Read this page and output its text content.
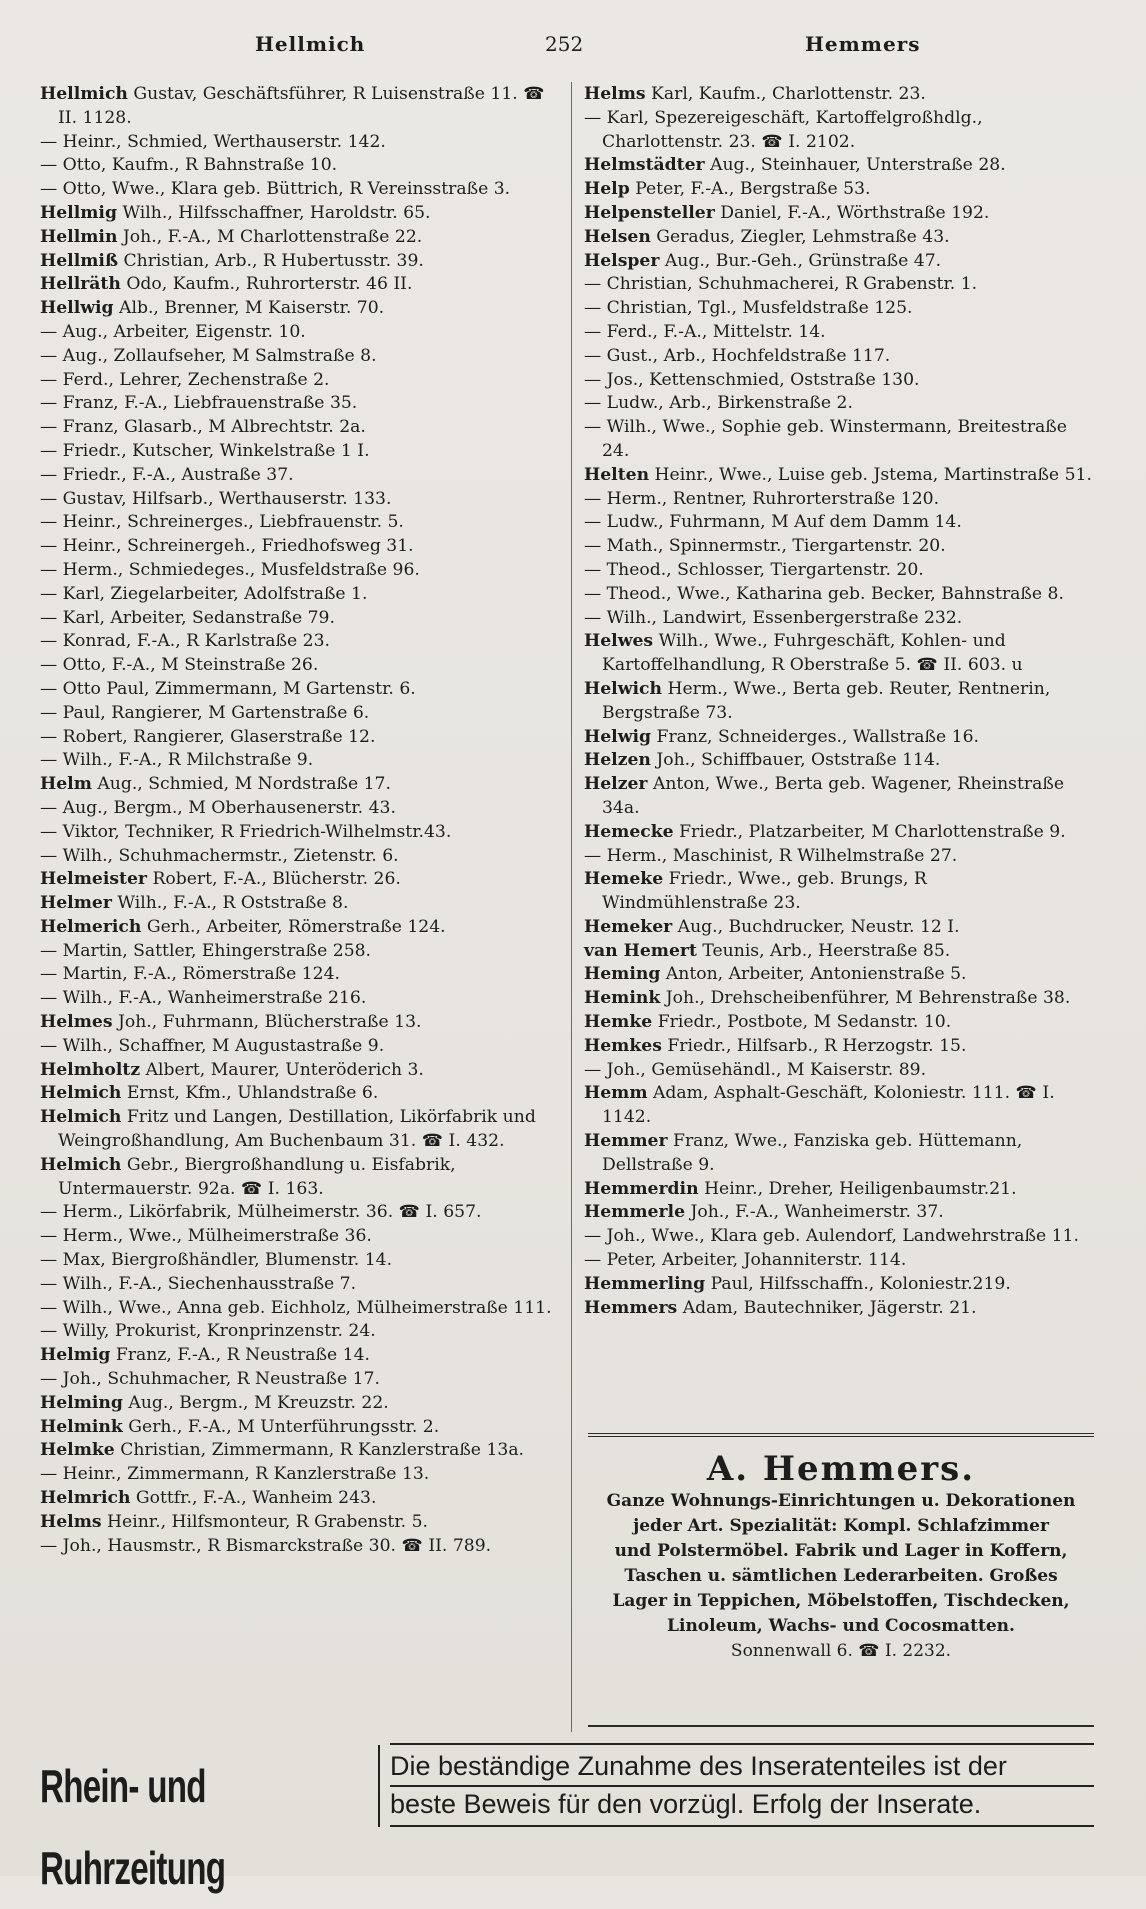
Hellmich	252	Hemmers
Hellmich Gustav, Geschäftsführer, R Luisenstraße 11. ☎ II. 1128.
— Heinr., Schmied, Werthauserstr. 142.
— Otto, Kaufm., R Bahnstraße 10.
— Otto, Wwe., Klara geb. Büttrich, R Vereinsstraße 3.
Hellmig Wilh., Hilfsschaffner, Haroldstr. 65.
Hellmin Joh., F.-A., M Charlottenstraße 22.
Hellmiß Christian, Arb., R Hubertusstr. 39.
Hellräth Odo, Kaufm., Ruhrorterstr. 46 II.
Hellwig Alb., Brenner, M Kaiserstr. 70.
— Aug., Arbeiter, Eigenstr. 10.
— Aug., Zollaufseher, M Salmstraße 8.
— Ferd., Lehrer, Zechenstraße 2.
— Franz, F.-A., Liebfrauenstraße 35.
— Franz, Glasarb., M Albrechtstr. 2a.
— Friedr., Kutscher, Winkelstraße 1 I.
— Friedr., F.-A., Austraße 37.
— Gustav, Hilfsarb., Werthauserstr. 133.
— Heinr., Schreinerges., Liebfrauenstr. 5.
— Heinr., Schreinergeh., Friedhofsweg 31.
— Herm., Schmiedeges., Musfeldstraße 96.
— Karl, Ziegelarbeiter, Adolfstraße 1.
— Karl, Arbeiter, Sedanstraße 79.
— Konrad, F.-A., R Karlstraße 23.
— Otto, F.-A., M Steinstraße 26.
— Otto Paul, Zimmermann, M Gartenstr. 6.
— Paul, Rangierer, M Gartenstraße 6.
— Robert, Rangierer, Glaserstraße 12.
— Wilh., F.-A., R Milchstraße 9.
Helm Aug., Schmied, M Nordstraße 17.
— Aug., Bergm., M Oberhausenerstr. 43.
— Viktor, Techniker, R Friedrich-Wilhelmstr.43.
— Wilh., Schuhmachermstr., Zietenstr. 6.
Helmeister Robert, F.-A., Blücherstr. 26.
Helmer Wilh., F.-A., R Oststraße 8.
Helmerich Gerh., Arbeiter, Römerstraße 124.
— Martin, Sattler, Ehingerstraße 258.
— Martin, F.-A., Römerstraße 124.
— Wilh., F.-A., Wanheimerstraße 216.
Helmes Joh., Fuhrmann, Blücherstraße 13.
— Wilh., Schaffner, M Augustastraße 9.
Helmholtz Albert, Maurer, Unteröderich 3.
Helmich Ernst, Kfm., Uhlandstraße 6.
Helmich Fritz und Langen, Destillation, Likörfabrik und Weingroßhandlung, Am Buchenbaum 31. ☎ I. 432.
Helmich Gebr., Biergroßhandlung u. Eisfabrik, Untermauerstr. 92a. ☎ I. 163.
— Herm., Likörfabrik, Mülheimerstr. 36. ☎ I. 657.
— Herm., Wwe., Mülheimerstraße 36.
— Max, Biergroßhändler, Blumenstr. 14.
— Wilh., F.-A., Siechenhausstraße 7.
— Wilh., Wwe., Anna geb. Eichholz, Mülheimerstraße 111.
— Willy, Prokurist, Kronprinzenstr. 24.
Helmig Franz, F.-A., R Neustraße 14.
— Joh., Schuhmacher, R Neustraße 17.
Helming Aug., Bergm., M Kreuzstr. 22.
Helmink Gerh., F.-A., M Unterführungsstr. 2.
Helmke Christian, Zimmermann, R Kanzlerstraße 13a.
— Heinr., Zimmermann, R Kanzlerstraße 13.
Helmrich Gottfr., F.-A., Wanheim 243.
Helms Heinr., Hilfsmonteur, R Grabenstr. 5.
— Joh., Hausmstr., R Bismarckstraße 30. ☎ II. 789.
Helms Karl, Kaufm., Charlottenstr. 23.
— Karl, Spezereigeschäft, Kartoffelgroßhdlg., Charlottenstr. 23. ☎ I. 2102.
Helmstädter Aug., Steinhauer, Unterstraße 28.
Help Peter, F.-A., Bergstraße 53.
Helpensteller Daniel, F.-A., Wörthstraße 192.
Helsen Geradus, Ziegler, Lehmstraße 43.
Helsper Aug., Bur.-Geh., Grünstraße 47.
— Christian, Schuhmacherei, R Grabenstr. 1.
— Christian, Tgl., Musfeldstraße 125.
— Ferd., F.-A., Mittelstr. 14.
— Gust., Arb., Hochfeldstraße 117.
— Jos., Kettenschmied, Oststraße 130.
— Ludw., Arb., Birkenstraße 2.
— Wilh., Wwe., Sophie geb. Winstermann, Breitestraße 24.
Helten Heinr., Wwe., Luise geb. Jstema, Martinstraße 51.
— Herm., Rentner, Ruhrorterstraße 120.
— Ludw., Fuhrmann, M Auf dem Damm 14.
— Math., Spinnermstr., Tiergartenstr. 20.
— Theod., Schlosser, Tiergartenstr. 20.
— Theod., Wwe., Katharina geb. Becker, Bahnstraße 8.
— Wilh., Landwirt, Essenbergerstraße 232.
Helwes Wilh., Wwe., Fuhrgeschäft, Kohlen- und Kartoffelhandlung, R Oberstraße 5. ☎ II. 603. u
Helwich Herm., Wwe., Berta geb. Reuter, Rentnerin, Bergstraße 73.
Helwig Franz, Schneiderges., Wallstraße 16.
Helzen Joh., Schiffbauer, Oststraße 114.
Helzer Anton, Wwe., Berta geb. Wagener, Rheinstraße 34a.
Hemecke Friedr., Platzarbeiter, M Charlottenstraße 9.
— Herm., Maschinist, R Wilhelmstraße 27.
Hemeke Friedr., Wwe., geb. Brungs, R Windmühlenstraße 23.
Hemeker Aug., Buchdrucker, Neustr. 12 I.
van Hemert Teunis, Arb., Heerstraße 85.
Heming Anton, Arbeiter, Antonienstraße 5.
Hemink Joh., Drehscheibenführer, M Behrenstraße 38.
Hemke Friedr., Postbote, M Sedanstr. 10.
Hemkes Friedr., Hilfsarb., R Herzogstr. 15.
— Joh., Gemüsehändl., M Kaiserstr. 89.
Hemm Adam, Asphalt-Geschäft, Koloniestr. 111. ☎ I. 1142.
Hemmer Franz, Wwe., Fanziska geb. Hüttemann, Dellstraße 9.
Hemmerdin Heinr., Dreher, Heiligenbaumstr.21.
Hemmerle Joh., F.-A., Wanheimerstr. 37.
— Joh., Wwe., Klara geb. Aulendorf, Landwehrstraße 11.
— Peter, Arbeiter, Johanniterstr. 114.
Hemmerling Paul, Hilfsschaffn., Koloniestr.219.
Hemmers Adam, Bautechniker, Jägerstr. 21.
A. Hemmers.
Ganze Wohnungs-Einrichtungen u. Dekorationen
jeder Art. Spezialität: Kompl. Schlafzimmer
und Polstermöbel. Fabrik und Lager in Koffern,
Taschen u. sämtlichen Lederarbeiten. Großes
Lager in Teppichen, Möbelstoffen, Tischdecken,
Linoleum, Wachs- und Cocosmatten.
Sonnenwall 6. ☎ I. 2232.
Rhein- und Ruhrzeitung
Die beständige Zunahme des Inseratenteiles ist der
beste Beweis für den vorzügl. Erfolg der Inserate.
